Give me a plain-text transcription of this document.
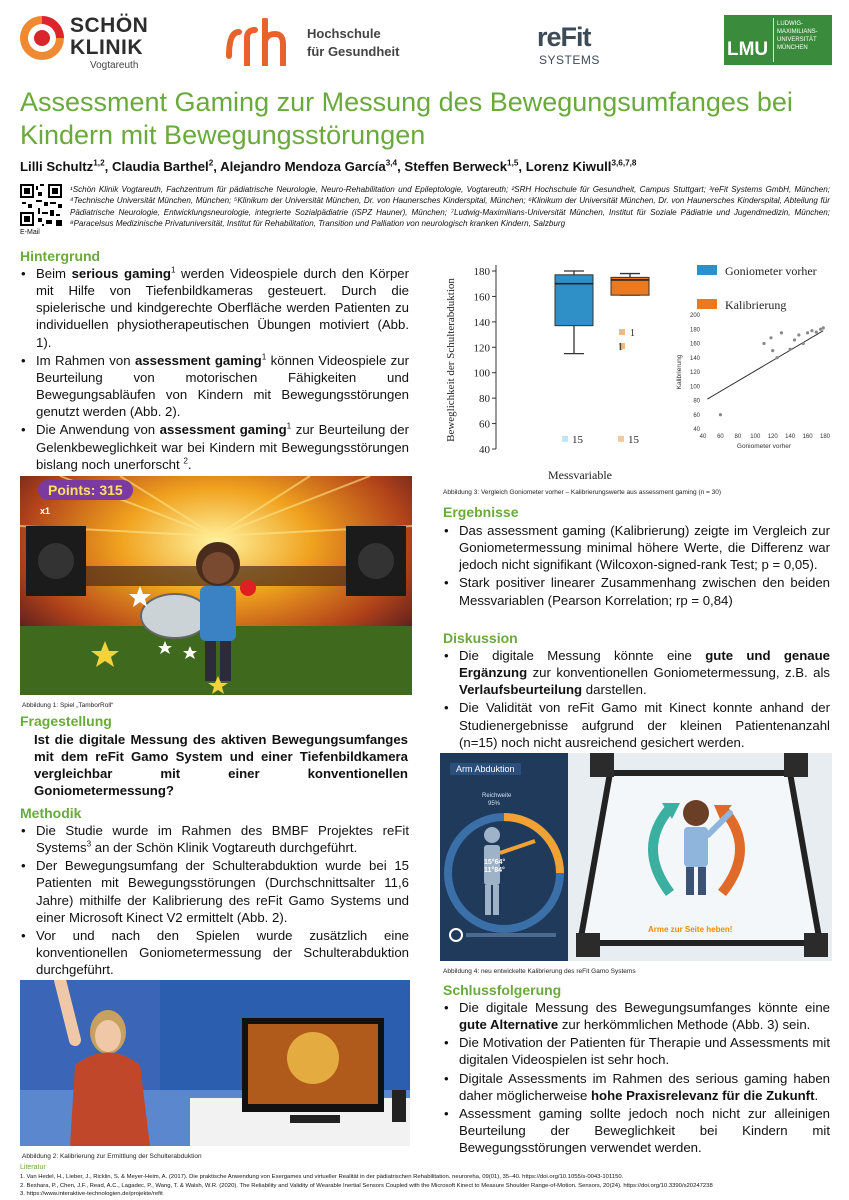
SCHÖN
KLINIK
Vogtareuth
Hochschule
für Gesundheit	reFit
SYSTEMS	LMU
LUDWIG-
MAXIMILIANS-
UNIVERSITÄT
MÜNCHEN
Assessment Gaming zur Messung des Bewegungsumfanges bei Kindern mit Bewegungsstörungen
Lilli Schultz$^{1,2}$, Claudia Barthel$^2$, Alejandro Mendoza García$^{3,4}$, Steffen Berweck$^{1,5}$, Lorenz Kiwull$^{3,6,7,8}$
E-Mail
¹Schön Klinik Vogtareuth, Fachzentrum für pädiatrische Neurologie, Neuro-Rehabilitation und Epileptologie, Vogtareuth; ²SRH Hochschule für Gesundheit, Campus Stuttgart; ³reFit Systems GmbH, München; ⁴Technische Universität München, München; ⁵Klinikum der Universität München, Dr. von Haunersches Kinderspital, München; ⁶Klinikum der Universität München, Dr. von Haunersches Kinderspital, Abteilung für Pädiatrische Neurologie, Entwicklungsneurologie, integrierte Sozialpädiatrie (iSPZ Hauner), München; ⁷Ludwig-Maximilians-Universität München, Institut für Soziale Pädiatrie und Jugendmedizin, München; ⁸Paracelsus Medizinische Privatuniversität, Institut für Rehabilitation, Transition und Palliation von neurologisch kranken Kindern, Salzburg
Hintergrund
• Beim serious gaming$^1$ werden Videospiele durch den Körper mit Hilfe von Tiefenbildkameras gesteuert. Durch die spielerische und kindgerechte Oberfläche werden Patienten zu individuellen physiotherapeutischen Übungen motiviert (Abb. 1).
• Im Rahmen von assessment gaming$^1$ können Videospiele zur Beurteilung von motorischen Fähigkeiten und Bewegungsabläufen von Kindern mit Bewegungsstörungen genutzt werden (Abb. 2).
• Die Anwendung von assessment gaming$^1$ zur Beurteilung der Gelenkbeweglichkeit war bei Kindern mit Bewegungsstörungen bislang noch unerforscht $^2$.
Points: 315
x1
Abbildung 1: Spiel „TamborRoll“
Fragestellung
Ist die digitale Messung des aktiven Bewegungsumfanges mit dem reFit Gamo System und einer Tiefenbildkamera vergleichbar mit einer konventionellen Goniometermessung?
Methodik
• Die Studie wurde im Rahmen des BMBF Projektes reFit Systems$^3$ an der Schön Klinik Vogtareuth durchgeführt.
• Der Bewegungsumfang der Schulterabduktion wurde bei 15 Patienten mit Bewegungsstörungen (Durchschnittsalter 11,6 Jahre) mithilfe der Kalibrierung des reFit Gamo Systems und einer Microsoft Kinect V2 ermittelt (Abb. 2).
• Vor und nach den Spielen wurde zusätzlich eine konventionellen Goniometermessung der Schulterabduktion durchgeführt.
Abbildung 2: Kalibrierung zur Ermittlung der Schulterabduktion
Literatur
1. Van Hedel, H., Lieber, J., Ricklin, S. & Meyer-Heim, A. (2017). Die praktische Anwendung von Exergames und virtueller Realität in der pädiatrischen Rehabilitation. neuroreha, 09(01), 35–40. https://doi.org/10.1055/s-0043-101150.
2. Beshara, P., Chen, J.F., Read, A.C., Lagadec, P., Wang, T. & Walsh, W.R. (2020). The Reliability and Validity of Wearable Inertial Sensors Coupled with the Microsoft Kinect to Measure Shoulder Range-of-Motion. Sensors, 20(24). https://doi.org/10.3390/s20247238
3. https://www.interaktive-technologien.de/projekte/refit
40
60
80
100
120
140
160
180
Beweglichkeit der Schulterabduktion
Messvariable
15
1
1
15
Goniometer vorher
Kalibrierung
40
60
80
100
120
140
160
180
200
40 60 80 100 120 140 160 180
Goniometer vorher
Kalibrierung
Abbildung 3: Vergleich Goniometer vorher – Kalibrierungswerte aus assessment gaming (n = 30)
Ergebnisse
• Das assessment gaming (Kalibrierung) zeigte im Vergleich zur Goniometermessung minimal höhere Werte, die Differenz war jedoch nicht signifikant (Wilcoxon-signed-rank Test; p = 0,05).
• Stark positiver linearer Zusammenhang zwischen den beiden Messvariablen (Pearson Korrelation; rp = 0,84)
Diskussion
• Die digitale Messung könnte eine gute und genaue Ergänzung zur konventionellen Goniometermessung, z.B. als Verlaufsbeurteilung darstellen.
• Die Validität von reFit Gamo mit Kinect konnte anhand der Studienergebnisse aufgrund der kleinen Patientenanzahl (n=15) noch nicht ausreichend gesichert werden.
Arm Abduktion
Reichweite
95%
15°64°
11°84°
Arme zur Seite heben!
Abbildung 4: neu entwickelte Kalibrierung des reFit Gamo Systems
Schlussfolgerung
• Die digitale Messung des Bewegungsumfanges könnte eine gute Alternative zur herkömmlichen Methode (Abb. 3) sein.
• Die Motivation der Patienten für Therapie und Assessments mit digitalen Videospielen ist sehr hoch.
• Digitale Assessments im Rahmen des serious gaming haben daher möglicherweise hohe Praxisrelevanz für die Zukunft.
• Assessment gaming sollte jedoch noch nicht zur alleinigen Beurteilung der Beweglichkeit bei Kindern mit Bewegungsstörungen verwendet werden.
